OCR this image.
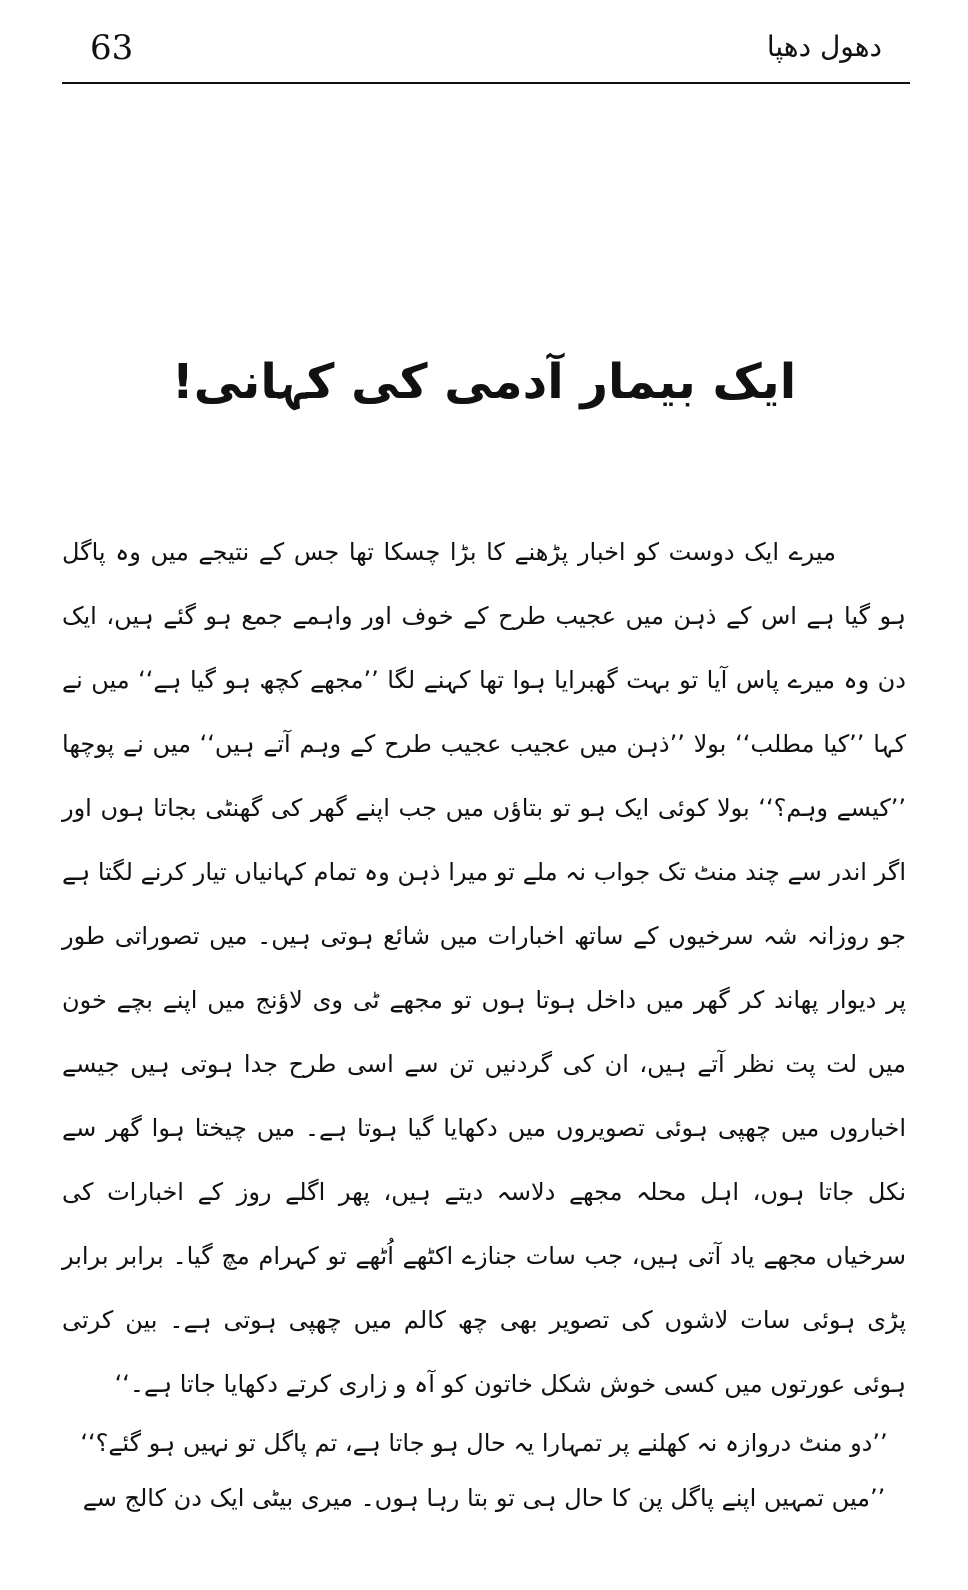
63	دھول دھپا
ایک بیمار آدمی کی کہانی!

میرے ایک دوست کو اخبار پڑھنے کا بڑا چسکا تھا جس کے نتیجے میں وہ پاگل ہو گیا ہے اس کے ذہن میں عجیب طرح کے خوف اور واہمے جمع ہو گئے ہیں، ایک دن وہ میرے پاس آیا تو بہت گھبرایا ہوا تھا کہنے لگا ’’مجھے کچھ ہو گیا ہے‘‘ میں نے کہا ’’کیا مطلب‘‘ بولا ’’ذہن میں عجیب عجیب طرح کے وہم آتے ہیں‘‘ میں نے پوچھا ’’کیسے وہم؟‘‘ بولا کوئی ایک ہو تو بتاؤں میں جب اپنے گھر کی گھنٹی بجاتا ہوں اور اگر اندر سے چند منٹ تک جواب نہ ملے تو میرا ذہن وہ تمام کہانیاں تیار کرنے لگتا ہے جو روزانہ شہ سرخیوں کے ساتھ اخبارات میں شائع ہوتی ہیں۔ میں تصوراتی طور پر دیوار پھاند کر گھر میں داخل ہوتا ہوں تو مجھے ٹی وی لاؤنج میں اپنے بچے خون میں لت پت نظر آتے ہیں، ان کی گردنیں تن سے اسی طرح جدا ہوتی ہیں جیسے اخباروں میں چھپی ہوئی تصویروں میں دکھایا گیا ہوتا ہے۔ میں چیختا ہوا گھر سے نکل جاتا ہوں، اہل محلہ مجھے دلاسہ دیتے ہیں، پھر اگلے روز کے اخبارات کی سرخیاں مجھے یاد آتی ہیں، جب سات جنازے اکٹھے اُٹھے تو کہرام مچ گیا۔ برابر برابر پڑی ہوئی سات لاشوں کی تصویر بھی چھ کالم میں چھپی ہوتی ہے۔ بین کرتی ہوئی عورتوں میں کسی خوش شکل خاتون کو آہ و زاری کرتے دکھایا جاتا ہے۔‘‘

’’دو منٹ دروازہ نہ کھلنے پر تمہارا یہ حال ہو جاتا ہے، تم پاگل تو نہیں ہو گئے؟‘‘

’’میں تمہیں اپنے پاگل پن کا حال ہی تو بتا رہا ہوں۔ میری بیٹی ایک دن کالج سے
